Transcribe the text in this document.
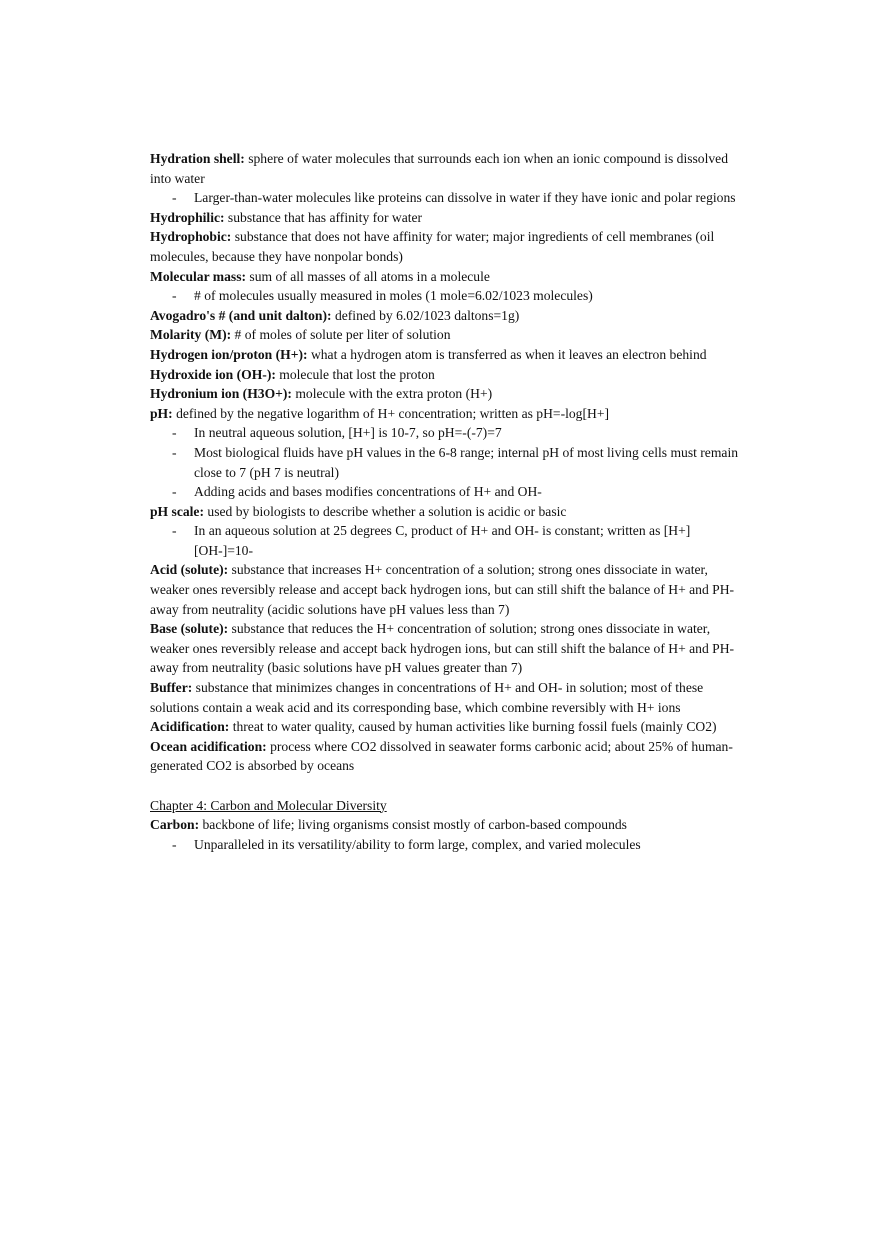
Hydration shell: sphere of water molecules that surrounds each ion when an ionic compound is dissolved into water

- Larger-than-water molecules like proteins can dissolve in water if they have ionic and polar regions

Hydrophilic: substance that has affinity for water

Hydrophobic: substance that does not have affinity for water; major ingredients of cell membranes (oil molecules, because they have nonpolar bonds)

Molecular mass: sum of all masses of all atoms in a molecule

- # of molecules usually measured in moles (1 mole=6.02/1023 molecules)

Avogadro's # (and unit dalton): defined by 6.02/1023 daltons=1g)

Molarity (M): # of moles of solute per liter of solution

Hydrogen ion/proton (H+): what a hydrogen atom is transferred as when it leaves an electron behind

Hydroxide ion (OH-): molecule that lost the proton

Hydronium ion (H3O+): molecule with the extra proton (H+)

pH: defined by the negative logarithm of H+ concentration; written as pH=-log[H+]

- In neutral aqueous solution, [H+] is 10-7, so pH=-(-7)=7

- Most biological fluids have pH values in the 6-8 range; internal pH of most living cells must remain close to 7 (pH 7 is neutral)

- Adding acids and bases modifies concentrations of H+ and OH-

pH scale: used by biologists to describe whether a solution is acidic or basic

- In an aqueous solution at 25 degrees C, product of H+ and OH- is constant; written as [H+][OH-]=10-

Acid (solute): substance that increases H+ concentration of a solution; strong ones dissociate in water, weaker ones reversibly release and accept back hydrogen ions, but can still shift the balance of H+ and PH- away from neutrality (acidic solutions have pH values less than 7)

Base (solute): substance that reduces the H+ concentration of solution; strong ones dissociate in water, weaker ones reversibly release and accept back hydrogen ions, but can still shift the balance of H+ and PH- away from neutrality (basic solutions have pH values greater than 7)

Buffer: substance that minimizes changes in concentrations of H+ and OH- in solution; most of these solutions contain a weak acid and its corresponding base, which combine reversibly with H+ ions

Acidification: threat to water quality, caused by human activities like burning fossil fuels (mainly CO2)

Ocean acidification: process where CO2 dissolved in seawater forms carbonic acid; about 25% of human-generated CO2 is absorbed by oceans

Chapter 4: Carbon and Molecular Diversity

Carbon: backbone of life; living organisms consist mostly of carbon-based compounds

- Unparalleled in its versatility/ability to form large, complex, and varied molecules
